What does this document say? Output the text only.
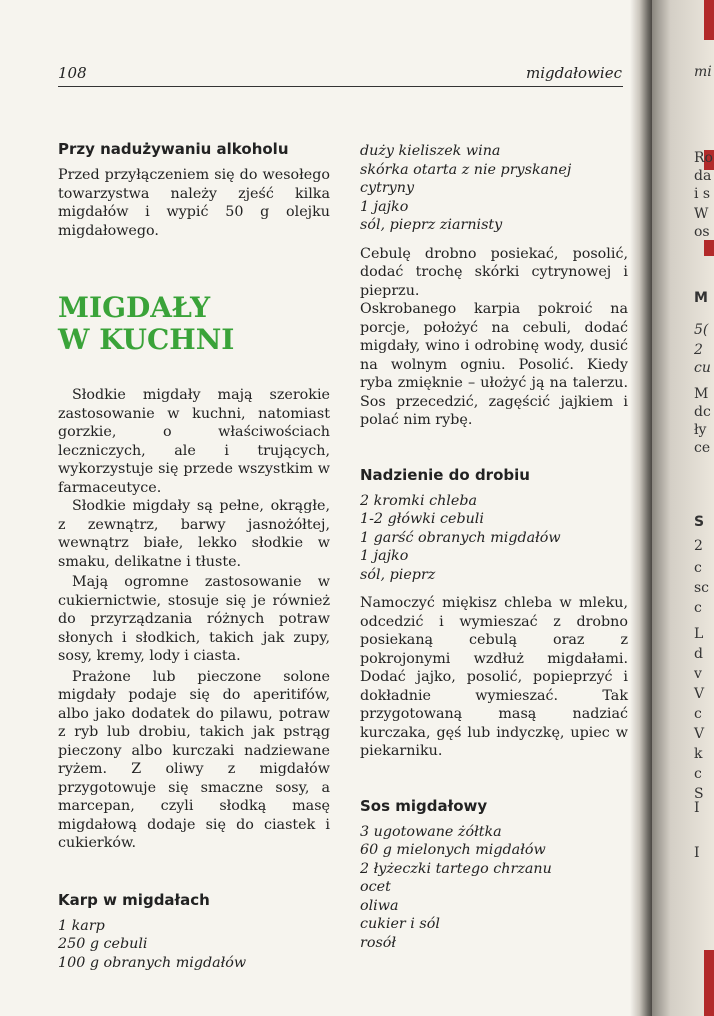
108	migdałowiec
Przy nadużywaniu alkoholu

Przed przyłączeniem się do wesołego towarzystwa należy zjeść kilka migdałów i wypić 50 g olejku migdałowego.

MIGDAŁY
W KUCHNI

Słodkie migdały mają szerokie zastosowanie w kuchni, natomiast gorzkie, o właściwościach leczniczych, ale i trujących, wykorzystuje się przede wszystkim w farmaceutyce.

Słodkie migdały są pełne, okrągłe, z zewnątrz, barwy jasnożółtej, wewnątrz białe, lekko słodkie w smaku, delikatne i tłuste.

Mają ogromne zastosowanie w cukiernictwie, stosuje się je również do przyrządzania różnych potraw słonych i słodkich, takich jak zupy, sosy, kremy, lody i ciasta.

Prażone lub pieczone solone migdały podaje się do aperitifów, albo jako dodatek do pilawu, potraw z ryb lub drobiu, takich jak pstrąg pieczony albo kurczaki nadziewane ryżem. Z oliwy z migdałów przygotowuje się smaczne sosy, a marcepan, czyli słodką masę migdałową dodaje się do ciastek i cukierków.

Karp w migdałach
1 karp
250 g cebuli
100 g obranych migdałów
duży kieliszek wina
skórka otarta z nie pryskanej cytryny
1 jajko
sól, pieprz ziarnisty

Cebulę drobno posiekać, posolić, dodać trochę skórki cytrynowej i pieprzu.

Oskrobanego karpia pokroić na porcje, położyć na cebuli, dodać migdały, wino i odrobinę wody, dusić na wolnym ogniu. Posolić. Kiedy ryba zmięknie – ułożyć ją na talerzu. Sos przecedzić, zagęścić jajkiem i polać nim rybę.

Nadzienie do drobiu
2 kromki chleba
1-2 główki cebuli
1 garść obranych migdałów
1 jajko
sól, pieprz

Namoczyć miękisz chleba w mleku, odcedzić i wymieszać z drobno posiekaną cebulą oraz z pokrojonymi wzdłuż migdałami. Dodać jajko, posolić, popieprzyć i dokładnie wymieszać. Tak przygotowaną masą nadziać kurczaka, gęś lub indyczkę, upiec w piekarniku.

Sos migdałowy
3 ugotowane żółtka
60 g mielonych migdałów
2 łyżeczki tartego chrzanu
ocet
oliwa
cukier i sól
rosół
mi
Ro
da
i s
W
os
M
5(
2
cu
M
dc
ły
ce
S
2
c
sc
c
L
d
v
V
c
V
k
c
S
I
I
